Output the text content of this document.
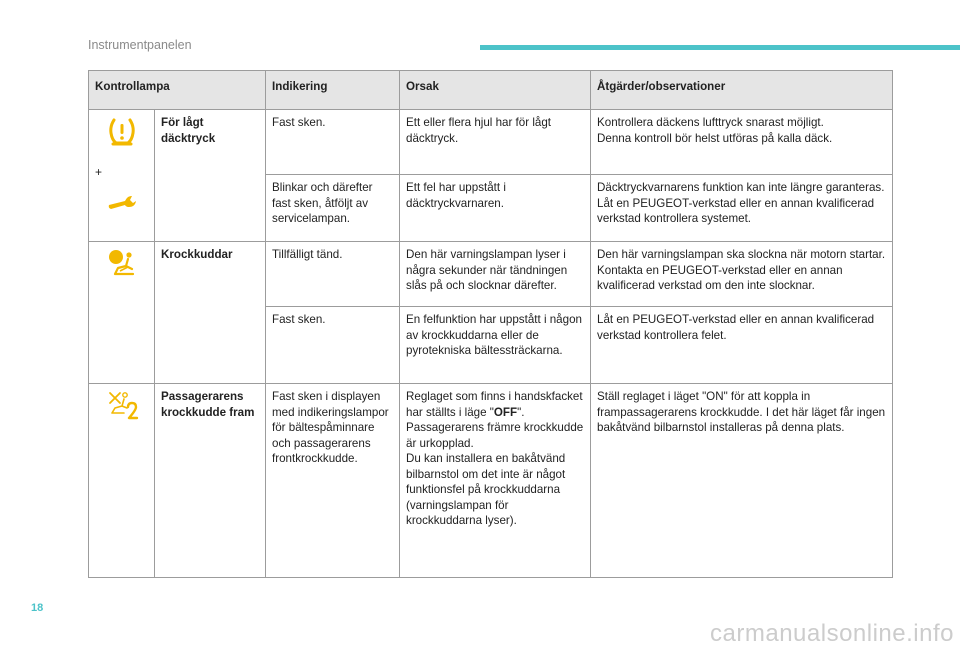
Instrumentpanelen
Kontrollampa		Indikering	Orsak	Åtgärder/observationer

+	För lågt däcktryck	Fast sken.	Ett eller flera hjul har för lågt däcktryck.	Kontrollera däckens lufttryck snarast möjligt.
Denna kontroll bör helst utföras på kalla däck.
		Blinkar och därefter fast sken, åtföljt av servicelampan.	Ett fel har uppstått i däcktryckvarnaren.	Däcktryckvarnarens funktion kan inte längre garanteras.
Låt en PEUGEOT-verkstad eller en annan kvalificerad verkstad kontrollera systemet.

	Krockkuddar	Tillfälligt tänd.	Den här varningslampan lyser i några sekunder när tändningen slås på och slocknar därefter.	Den här varningslampan ska slockna när motorn startar.
Kontakta en PEUGEOT-verkstad eller en annan kvalificerad verkstad om den inte slocknar.
		Fast sken.	En felfunktion har uppstått i någon av krockkuddarna eller de pyrotekniska bältessträckarna.	Låt en PEUGEOT-verkstad eller en annan kvalificerad verkstad kontrollera felet.

	Passagerarens krockkudde fram	Fast sken i displayen med indikeringslampor för bältespåminnare och passagerarens frontkrockkudde.	Reglaget som finns i handskfacket har ställts i läge "OFF".
Passagerarens främre krockkudde är urkopplad.
Du kan installera en bakåtvänd bilbarnstol om det inte är något funktionsfel på krockkuddarna (varningslampan för krockkuddarna lyser).	Ställ reglaget i läget "ON" för att koppla in frampassagerarens krockkudde. I det här läget får ingen bakåtvänd bilbarnstol installeras på denna plats.
18
carmanualsonline.info
